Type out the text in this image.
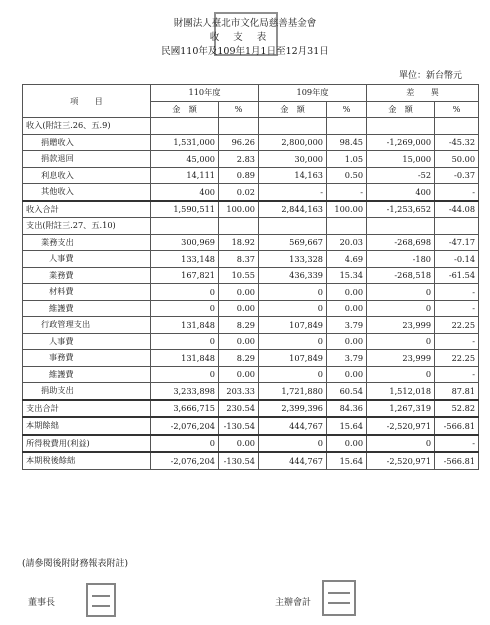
財團法人臺北市文化局慈善基金會
收支表
民國110年及109年1月1日至12月31日
單位：新台幣元
項　　目	110年度		109年度		差　　異	
	金　額	%	金　額	%	金　額	%
收入(附註三.26、五.9)						
捐贈收入	1,531,000	96.26	2,800,000	98.45	-1,269,000	-45.32
捐款退回	45,000	2.83	30,000	1.05	15,000	50.00
利息收入	14,111	0.89	14,163	0.50	-52	-0.37
其他收入	400	0.02	-	-	400	-
收入合計	1,590,511	100.00	2,844,163	100.00	-1,253,652	-44.08
支出(附註三.27、五.10)						
業務支出	300,969	18.92	569,667	20.03	-268,698	-47.17
人事費	133,148	8.37	133,328	4.69	-180	-0.14
業務費	167,821	10.55	436,339	15.34	-268,518	-61.54
材料費	0	0.00	0	0.00	0	-
維護費	0	0.00	0	0.00	0	-
行政管理支出	131,848	8.29	107,849	3.79	23,999	22.25
人事費	0	0.00	0	0.00	0	-
事務費	131,848	8.29	107,849	3.79	23,999	22.25
維護費	0	0.00	0	0.00	0	-
捐助支出	3,233,898	203.33	1,721,880	60.54	1,512,018	87.81
支出合計	3,666,715	230.54	2,399,396	84.36	1,267,319	52.82
本期餘絀	-2,076,204	-130.54	444,767	15.64	-2,520,971	-566.81
所得稅費用(利益)	0	0.00	0	0.00	0	-
本期稅後餘絀	-2,076,204	-130.54	444,767	15.64	-2,520,971	-566.81
(請參閱後附財務報表附註)
董事長	主辦會計
